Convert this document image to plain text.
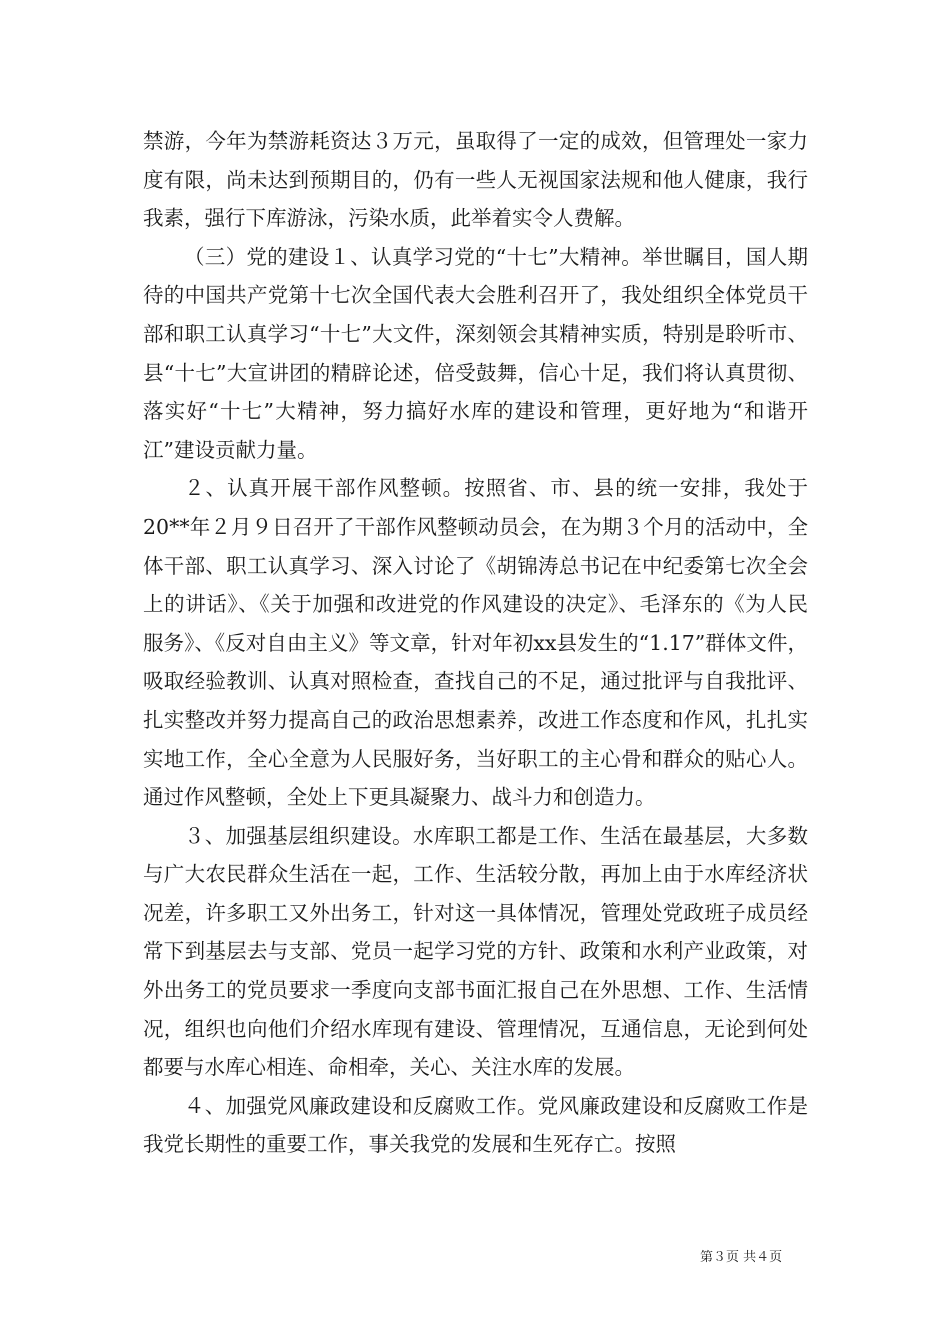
禁游，今年为禁游耗资达３万元，虽取得了一定的成效，但管理处一家力度有限，尚未达到预期目的，仍有一些人无视国家法规和他人健康，我行我素，强行下库游泳，污染水质，此举着实令人费解。

（三）党的建设１、认真学习党的“十七”大精神。举世瞩目，国人期待的中国共产党第十七次全国代表大会胜利召开了，我处组织全体党员干部和职工认真学习“十七”大文件，深刻领会其精神实质，特别是聆听市、县“十七”大宣讲团的精辟论述，倍受鼓舞，信心十足，我们将认真贯彻、落实好“十七”大精神，努力搞好水库的建设和管理，更好地为“和谐开江”建设贡献力量。

２、认真开展干部作风整顿。按照省、市、县的统一安排，我处于20**年２月９日召开了干部作风整顿动员会，在为期３个月的活动中，全体干部、职工认真学习、深入讨论了《胡锦涛总书记在中纪委第七次全会上的讲话》、《关于加强和改进党的作风建设的决定》、毛泽东的《为人民服务》、《反对自由主义》等文章，针对年初xx县发生的“1.17”群体文件，吸取经验教训、认真对照检查，查找自己的不足，通过批评与自我批评、扎实整改并努力提高自己的政治思想素养，改进工作态度和作风，扎扎实实地工作，全心全意为人民服好务，当好职工的主心骨和群众的贴心人。通过作风整顿，全处上下更具凝聚力、战斗力和创造力。

３、加强基层组织建设。水库职工都是工作、生活在最基层，大多数与广大农民群众生活在一起，工作、生活较分散，再加上由于水库经济状况差，许多职工又外出务工，针对这一具体情况，管理处党政班子成员经常下到基层去与支部、党员一起学习党的方针、政策和水利产业政策，对外出务工的党员要求一季度向支部书面汇报自己在外思想、工作、生活情况，组织也向他们介绍水库现有建设、管理情况，互通信息，无论到何处都要与水库心相连、命相牵，关心、关注水库的发展。

４、加强党风廉政建设和反腐败工作。党风廉政建设和反腐败工作是我党长期性的重要工作，事关我党的发展和生死存亡。按照

第３页 共４页
